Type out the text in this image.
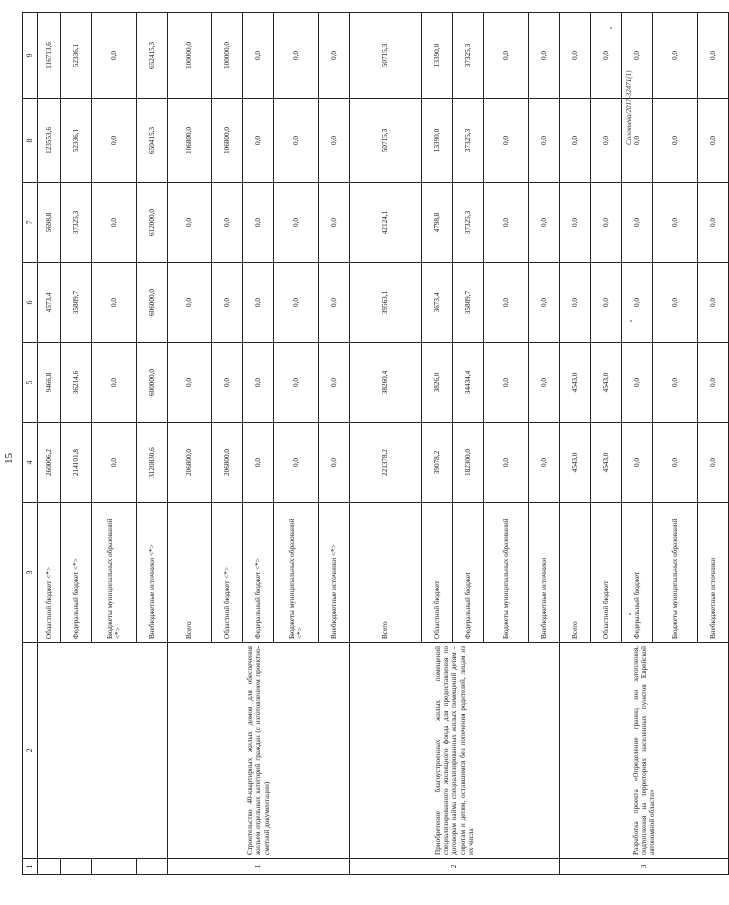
15
1	2	3	4	5	6	7	8	9
		Областной бюджет <*>	260006,2	9466,8	4573,4	5698,8	123553,6	116713,6
		Федеральный бюджет <*>	214101,8	36214,6	35889,7	37325,3	52336,1	52336,1
		Бюджеты муниципальных образований <*>	0,0	0,0	0,0	0,0	0,0	0,0
		Внебюджетные источники <*>	3120830,6	600000,0	606000,0	612000,0	650415,3	652415,3
1	Строительство 40-квартирных жилых домов для обеспечения жильем отдельных категорий граждан (с изготовлением проектно-сметной документации)	Всего	206800,0	0,0	0,0	0,0	106800,0	100000,0
		Областной бюджет <*>	206800,0	0,0	0,0	0,0	106800,0	100000,0
		Федеральный бюджет <*>	0,0	0,0	0,0	0,0	0,0	0,0
		Бюджеты муниципальных образований <*>	0,0	0,0	0,0	0,0	0,0	0,0
		Внебюджетные источники <*>	0,0	0,0	0,0	0,0	0,0	0,0
2	Приобретение благоустроенных жилых помещений специализированного жилищного фонда для предоставления по договорам найма специализированных жилых помещений детям – сиротам и детям, оставшимся без попечения родителей, лицам из их числа	Всего	221378,2	38260,4	39563,1	42124,1	50715,3	50715,3
		Областной бюджет	39078,2	3826,0	3673,4	4798,8	13390,0	13390,0
		Федеральный бюджет	182300,0	34434,4	35889,7	37325,3	37325,3	37325,3
		Бюджеты муниципальных образований	0,0	0,0	0,0	0,0	0,0	0,0
		Внебюджетные источники	0,0	0,0	0,0	0,0	0,0	0,0
3	Разработка проекта «Определение границ зон затопления, подтопления на территориях населенных пунктов Еврейской автономной области»	Всего	4543,0	4543,0	0,0	0,0	0,0	0,0
		Областной бюджет	4543,0	4543,0	0,0	0,0	0,0	0,0
		Федеральный бюджет	0,0	0,0	0,0	0,0	0,0	0,0
		Бюджеты муниципальных образований	0,0	0,0	0,0	0,0	0,0	0,0
		Внебюджетные источники	0,0	0,0	0,0	0,0	0,0	0,0
Соловьева/2017-32471(1)
